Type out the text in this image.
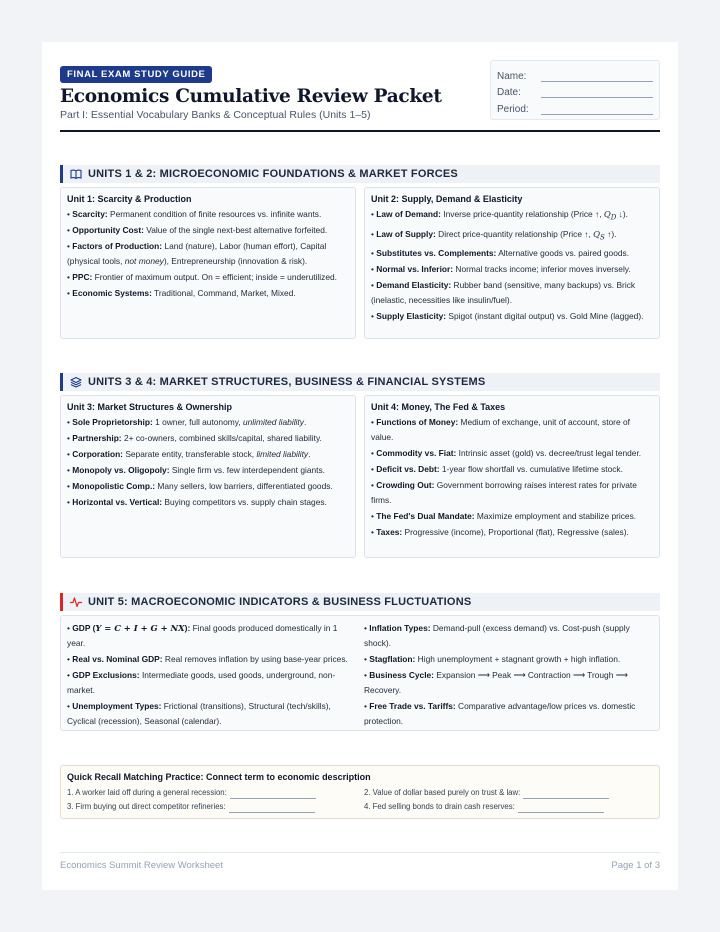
FINAL EXAM STUDY GUIDE
Economics Cumulative Review Packet
Part I: Essential Vocabulary Banks & Conceptual Rules (Units 1–5)
Name:
Date:
Period:
UNITS 1 & 2: MICROECONOMIC FOUNDATIONS & MARKET FORCES
Unit 1: Scarcity & Production
• Scarcity: Permanent condition of finite resources vs. infinite wants.
• Opportunity Cost: Value of the single next-best alternative forfeited.
• Factors of Production: Land (nature), Labor (human effort), Capital (physical tools, not money), Entrepreneurship (innovation & risk).
• PPC: Frontier of maximum output. On = efficient; inside = underutilized.
• Economic Systems: Traditional, Command, Market, Mixed.
Unit 2: Supply, Demand & Elasticity
• Law of Demand: Inverse price-quantity relationship (Price ↑, $Q_D$ ↓).
• Law of Supply: Direct price-quantity relationship (Price ↑, $Q_S$ ↑).
• Substitutes vs. Complements: Alternative goods vs. paired goods.
• Normal vs. Inferior: Normal tracks income; inferior moves inversely.
• Demand Elasticity: Rubber band (sensitive, many backups) vs. Brick (inelastic, necessities like insulin/fuel).
• Supply Elasticity: Spigot (instant digital output) vs. Gold Mine (lagged).
UNITS 3 & 4: MARKET STRUCTURES, BUSINESS & FINANCIAL SYSTEMS
Unit 3: Market Structures & Ownership
• Sole Proprietorship: 1 owner, full autonomy, unlimited liability.
• Partnership: 2+ co-owners, combined skills/capital, shared liability.
• Corporation: Separate entity, transferable stock, limited liability.
• Monopoly vs. Oligopoly: Single firm vs. few interdependent giants.
• Monopolistic Comp.: Many sellers, low barriers, differentiated goods.
• Horizontal vs. Vertical: Buying competitors vs. supply chain stages.
Unit 4: Money, The Fed & Taxes
• Functions of Money: Medium of exchange, unit of account, store of value.
• Commodity vs. Fiat: Intrinsic asset (gold) vs. decree/trust legal tender.
• Deficit vs. Debt: 1-year flow shortfall vs. cumulative lifetime stock.
• Crowding Out: Government borrowing raises interest rates for private firms.
• The Fed's Dual Mandate: Maximize employment and stabilize prices.
• Taxes: Progressive (income), Proportional (flat), Regressive (sales).
UNIT 5: MACROECONOMIC INDICATORS & BUSINESS FLUCTUATIONS
• GDP (Y = C + I + G + NX): Final goods produced domestically in 1 year.
• Real vs. Nominal GDP: Real removes inflation by using base-year prices.
• GDP Exclusions: Intermediate goods, used goods, underground, non-market.
• Unemployment Types: Frictional (transitions), Structural (tech/skills), Cyclical (recession), Seasonal (calendar).
• Inflation Types: Demand-pull (excess demand) vs. Cost-push (supply shock).
• Stagflation: High unemployment + stagnant growth + high inflation.
• Business Cycle: Expansion ⟶ Peak ⟶ Contraction ⟶ Trough ⟶ Recovery.
• Free Trade vs. Tariffs: Comparative advantage/low prices vs. domestic protection.
Quick Recall Matching Practice: Connect term to economic description
1. A worker laid off during a general recession:	2. Value of dollar based purely on trust & law:
3. Firm buying out direct competitor refineries:	4. Fed selling bonds to drain cash reserves:
Economics Summit Review Worksheet	Page 1 of 3
